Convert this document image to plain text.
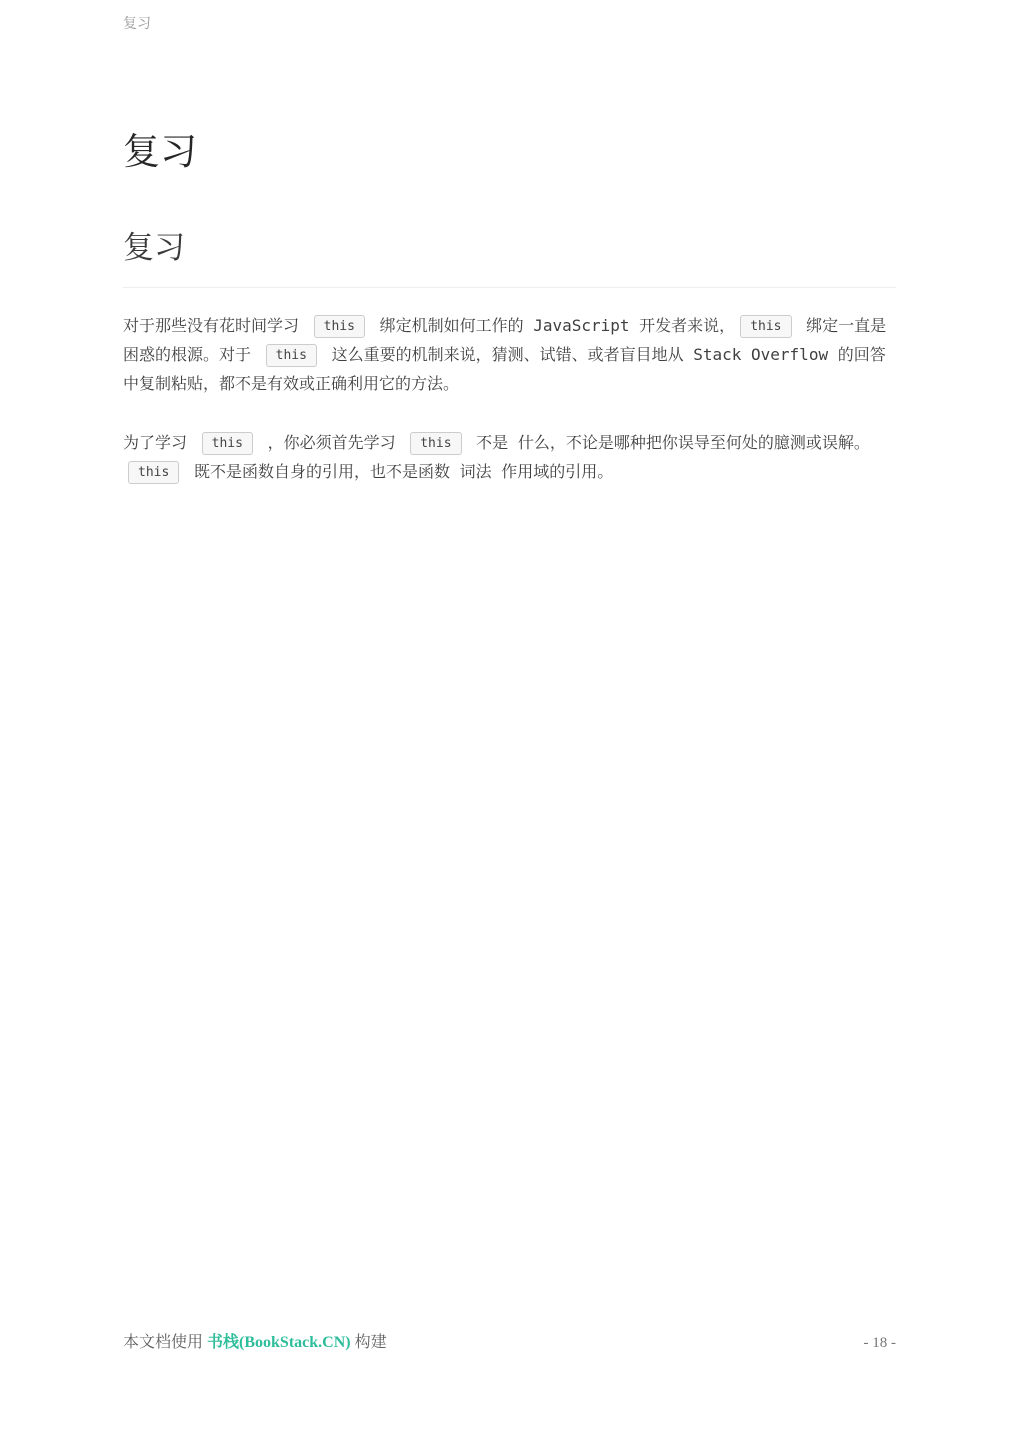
复习
复习
复习

对于那些没有花时间学习 this 绑定机制如何工作的 JavaScript 开发者来说， this 绑定一直是困惑的根源。对于 this 这么重要的机制来说，猜测、试错、或者盲目地从 Stack Overflow 的回答中复制粘贴，都不是有效或正确利用它的方法。

为了学习 this ，你必须首先学习 this 不是 什么，不论是哪种把你误导至何处的臆测或误解。 this 既不是函数自身的引用，也不是函数 词法 作用域的引用。

本文档使用 书栈(BookStack.CN) 构建	- 18 -
